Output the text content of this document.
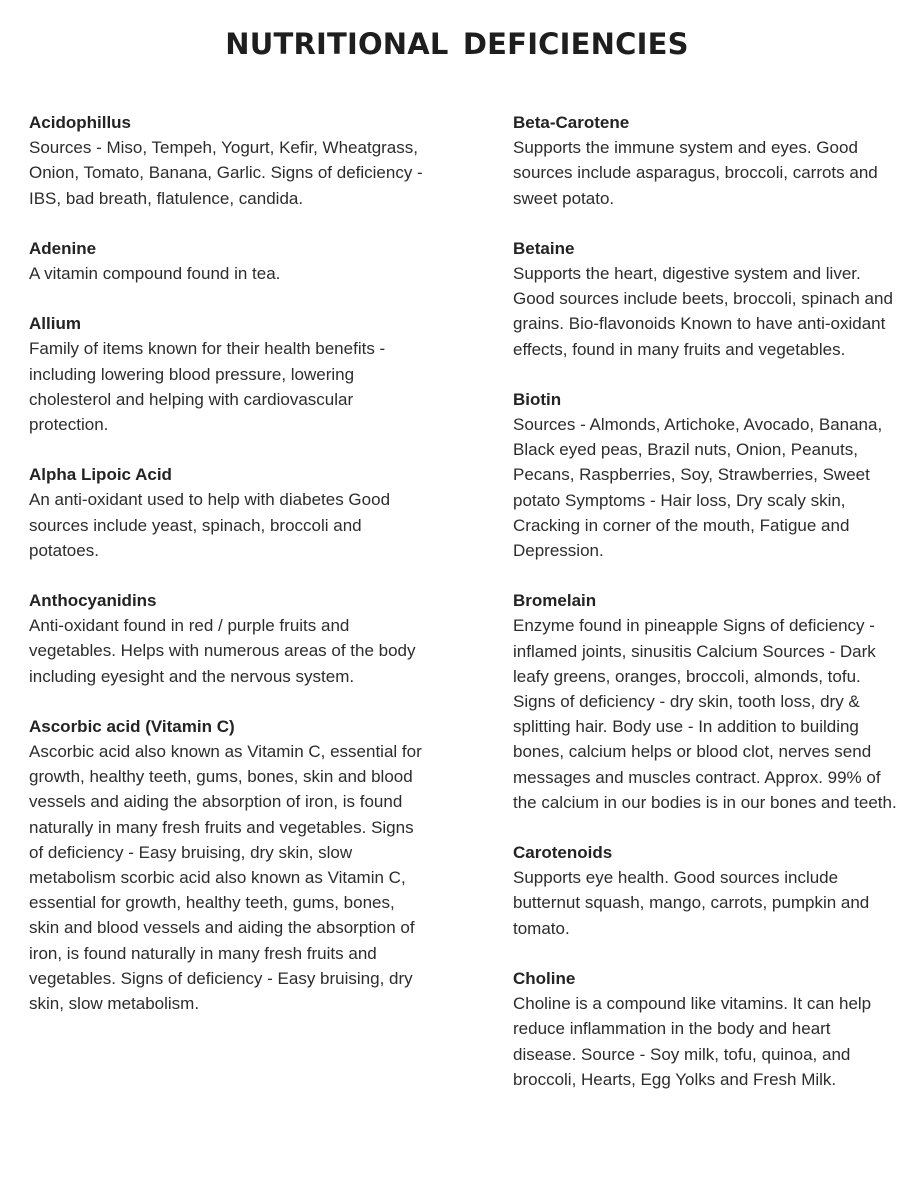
NUTRITIONAL DEFICIENCIES

Acidophillus

Sources - Miso, Tempeh, Yogurt, Kefir, Wheatgrass, Onion, Tomato, Banana, Garlic. Signs of deficiency - IBS, bad breath, flatulence, candida.

Adenine

A vitamin compound found in tea.

Allium

Family of items known for their health benefits - including lowering blood pressure, lowering cholesterol and helping with cardiovascular protection.

Alpha Lipoic Acid

An anti-oxidant used to help with diabetes Good sources include yeast, spinach, broccoli and potatoes.

Anthocyanidins

Anti-oxidant found in red / purple fruits and vegetables. Helps with numerous areas of the body including eyesight and the nervous system.

Ascorbic acid (Vitamin C)

Ascorbic acid also known as Vitamin C, essential for growth, healthy teeth, gums, bones, skin and blood vessels and aiding the absorption of iron, is found naturally in many fresh fruits and vegetables. Signs of deficiency - Easy bruising, dry skin, slow metabolism scorbic acid also known as Vitamin C, essential for growth, healthy teeth, gums, bones, skin and blood vessels and aiding the absorption of iron, is found naturally in many fresh fruits and vegetables. Signs of deficiency - Easy bruising, dry skin, slow metabolism.

Beta-Carotene

Supports the immune system and eyes. Good sources include asparagus, broccoli, carrots and sweet potato.

Betaine

Supports the heart, digestive system and liver. Good sources include beets, broccoli, spinach and grains. Bio-flavonoids Known to have anti-oxidant effects, found in many fruits and vegetables.

Biotin

Sources - Almonds, Artichoke, Avocado, Banana, Black eyed peas, Brazil nuts, Onion, Peanuts, Pecans, Raspberries, Soy, Strawberries, Sweet potato Symptoms - Hair loss, Dry scaly skin, Cracking in corner of the mouth, Fatigue and Depression.

Bromelain

Enzyme found in pineapple Signs of deficiency - inflamed joints, sinusitis Calcium Sources - Dark leafy greens, oranges, broccoli, almonds, tofu. Signs of deficiency - dry skin, tooth loss, dry & splitting hair. Body use - In addition to building bones, calcium helps or blood clot, nerves send messages and muscles contract. Approx. 99% of the calcium in our bodies is in our bones and teeth.

Carotenoids

Supports eye health. Good sources include butternut squash, mango, carrots, pumpkin and tomato.

Choline

Choline is a compound like vitamins. It can help reduce inflammation in the body and heart disease. Source - Soy milk, tofu, quinoa, and broccoli, Hearts, Egg Yolks and Fresh Milk.
